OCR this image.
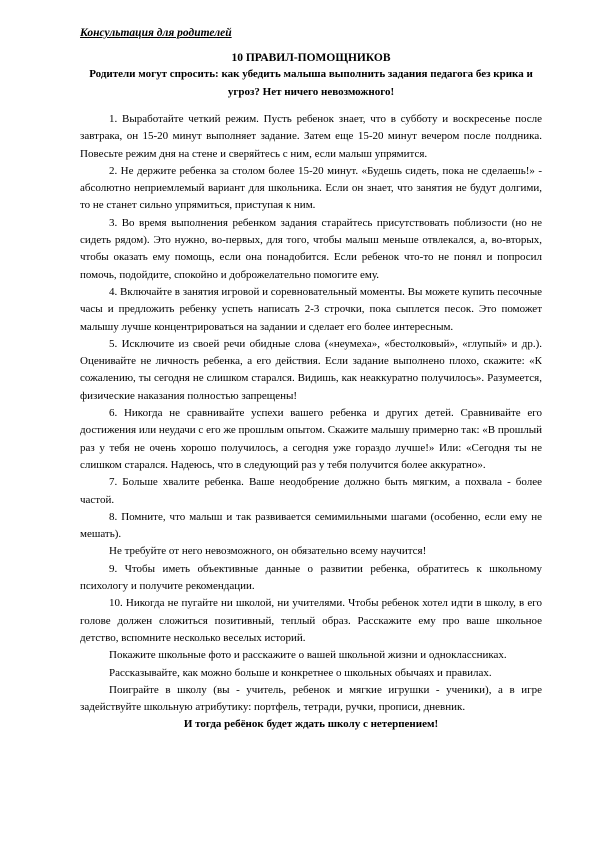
Консультация для родителей

10 ПРАВИЛ-ПОМОЩНИКОВ

Родители могут спросить: как убедить малыша выполнить задания педагога без крика и угроз? Нет ничего невозможного!

1. Выработайте четкий режим. Пусть ребенок знает, что в субботу и воскресенье после завтрака, он 15-20 минут выполняет задание. Затем еще 15-20 минут вечером после полдника. Повесьте режим дня на стене и сверяйтесь с ним, если малыш упрямится.

2. Не держите ребенка за столом более 15-20 минут. «Будешь сидеть, пока не сделаешь!» - абсолютно неприемлемый вариант для школьника. Если он знает, что занятия не будут долгими, то не станет сильно упрямиться, приступая к ним.

3. Во время выполнения ребенком задания старайтесь присутствовать поблизости (но не сидеть рядом). Это нужно, во-первых, для того, чтобы малыш меньше отвлекался, а, во-вторых, чтобы оказать ему помощь, если она понадобится. Если ребенок что-то не понял и попросил помочь, подойдите, спокойно и доброжелательно помогите ему.

4. Включайте в занятия игровой и соревновательный моменты. Вы можете купить песочные часы и предложить ребенку успеть написать 2-3 строчки, пока сыплется песок. Это поможет малышу лучше концентрироваться на задании и сделает его более интересным.

5. Исключите из своей речи обидные слова («неумеха», «бестолковый», «глупый» и др.). Оценивайте не личность ребенка, а его действия. Если задание выполнено плохо, скажите: «К сожалению, ты сегодня не слишком старался. Видишь, как неаккуратно получилось». Разумеется, физические наказания полностью запрещены!

6. Никогда не сравнивайте успехи вашего ребенка и других детей. Сравнивайте его достижения или неудачи с его же прошлым опытом. Скажите малышу примерно так: «В прошлый раз у тебя не очень хорошо получилось, а сегодня уже гораздо лучше!» Или: «Сегодня ты не слишком старался. Надеюсь, что в следующий раз у тебя получится более аккуратно».

7. Больше хвалите ребенка. Ваше неодобрение должно быть мягким, а похвала - более частой.

8. Помните, что малыш и так развивается семимильными шагами (особенно, если ему не мешать).

Не требуйте от него невозможного, он обязательно всему научится!

9. Чтобы иметь объективные данные о развитии ребенка, обратитесь к школьному психологу и получите рекомендации.

10. Никогда не пугайте ни школой, ни учителями. Чтобы ребенок хотел идти в школу, в его голове должен сложиться позитивный, теплый образ. Расскажите ему про ваше школьное детство, вспомните несколько веселых историй.

Покажите школьные фото и расскажите о вашей школьной жизни и одноклассниках.

Рассказывайте, как можно больше и конкретнее о школьных обычаях и правилах.

Поиграйте в школу (вы - учитель, ребенок и мягкие игрушки - ученики), а в игре задействуйте школьную атрибутику: портфель, тетради, ручки, прописи, дневник.

И тогда ребёнок будет ждать школу с нетерпением!
